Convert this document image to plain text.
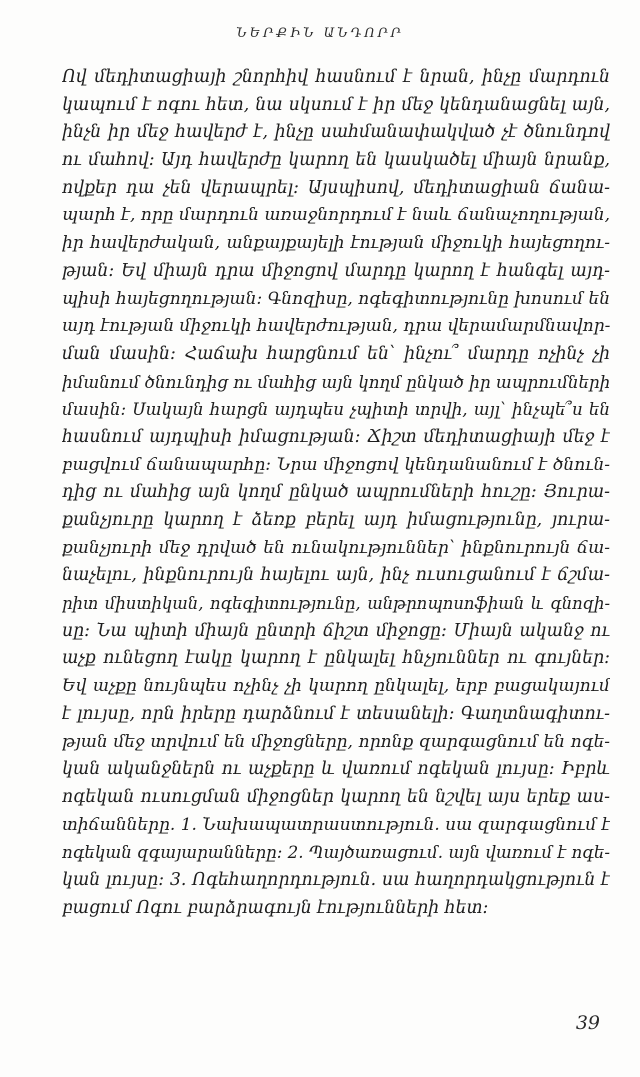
ՆԵՐՔԻՆ ԱՆԴՈՐՐ
Ով մեդիտացիայի շնորհիվ հասնում է նրան, ինչը մարդուն
կապում է ոգու հետ, նա սկսում է իր մեջ կենդանացնել այն,
ինչն իր մեջ հավերժ է, ինչը սահմանափակված չէ ծնունդով
ու մահով: Այդ հավերժը կարող են կասկածել միայն նրանք,
ովքեր դա չեն վերապրել: Այսպիսով, մեդիտացիան ճանա-
պարհ է, որը մարդուն առաջնորդում է նաև ճանաչողության,
իր հավերժական, անքայքայելի էության միջուկի հայեցողու-
թյան: Եվ միայն դրա միջոցով մարդը կարող է հանգել այդ-
պիսի հայեցողության: Գնոզիսը, ոգեգիտությունը խոսում են
այդ էության միջուկի հավերժության, դրա վերամարմնավոր-
ման մասին: Հաճախ հարցնում են՝ ինչու՞ մարդը ոչինչ չի
իմանում ծնունդից ու մահից այն կողմ ընկած իր ապրումների
մասին: Սակայն հարցն այդպես չպիտի տրվի, այլ՝ ինչպե՞ս են
հասնում այդպիսի իմացության: Ճիշտ մեդիտացիայի մեջ է
բացվում ճանապարհը: Նրա միջոցով կենդանանում է ծնուն-
դից ու մահից այն կողմ ընկած ապրումների հուշը: Յուրա-
քանչյուրը կարող է ձեռք բերել այդ իմացությունը, յուրա-
քանչյուրի մեջ դրված են ունակություններ՝ ինքնուրույն ճա-
նաչելու, ինքնուրույն հայելու այն, ինչ ուսուցանում է ճշմա-
րիտ միստիկան, ոգեգիտությունը, անթրոպոսոֆիան և գնոզի-
սը: Նա պիտի միայն ընտրի ճիշտ միջոցը: Միայն ականջ ու
աչք ունեցող էակը կարող է ընկալել հնչյուններ ու գույներ:
Եվ աչքը նույնպես ոչինչ չի կարող ընկալել, երբ բացակայում
է լույսը, որն իրերը դարձնում է տեսանելի: Գաղտնագիտու-
թյան մեջ տրվում են միջոցները, որոնք զարգացնում են ոգե-
կան ականջներն ու աչքերը և վառում ոգեկան լույսը: Իբրև
ոգեկան ուսուցման միջոցներ կարող են նշվել այս երեք աս-
տիճանները. 1. Նախապատրաստություն. սա զարգացնում է
ոգեկան զգայարանները: 2. Պայծառացում. այն վառում է ոգե-
կան լույսը: 3. Ոգեհաղորդություն. սա հաղորդակցություն է
բացում Ոգու բարձրագույն էությունների հետ:
39
